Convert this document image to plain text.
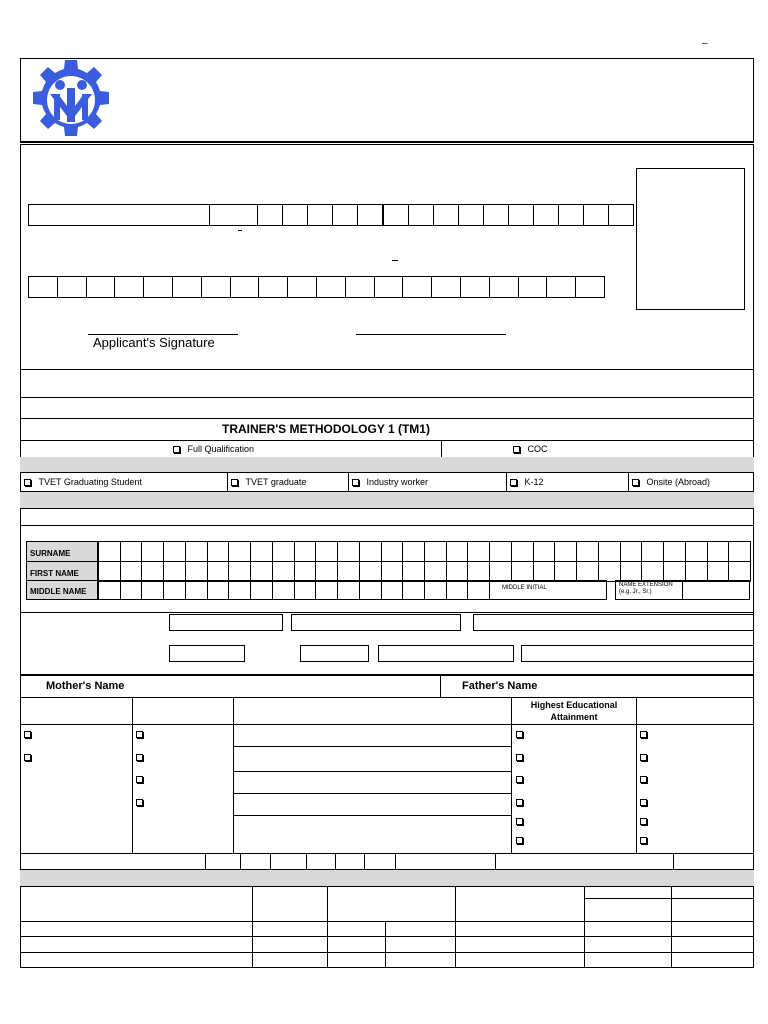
–
Applicant's Signature
TRAINER'S METHODOLOGY 1 (TM1)
Full Qualification	COC
TVET Graduating Student	TVET graduate	Industry worker	K-12	Onsite (Abroad)
SURNAME
FIRST NAME
MIDDLE NAME	MIDDLE INITIAL	NAME EXTENSION
(e.g. Jr., Sr.)
Mother's Name	Father's Name
Highest Educational Attainment
